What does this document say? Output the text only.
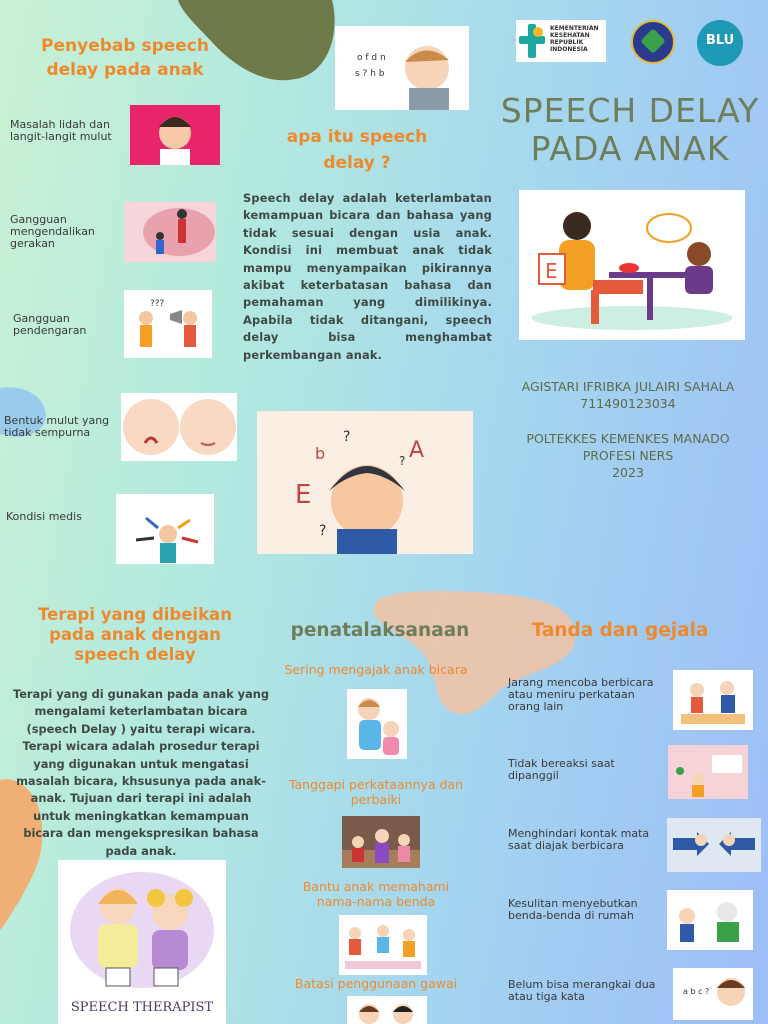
KEMENTERIAN KESEHATAN REPUBLIK INDONESIA
BLU
SPEECH DELAY
PADA ANAK
E
AGISTARI IFRIBKA JULAIRI SAHALA
711490123034
POLTEKKES KEMENKES MANADO
PROFESI NERS
2023
Penyebab speech
delay pada anak
Masalah lidah dan langit-langit mulut
Gangguan mengendalikan gerakan
Gangguan pendengaran
???
Bentuk mulut yang tidak sempurna
Kondisi medis
o f d n
s ? h b
apa itu speech
delay ?
Speech delay adalah keterlambatan kemampuan bicara dan bahasa yang tidak sesuai dengan usia anak. Kondisi ini membuat anak tidak mampu menyampaikan pikirannya akibat keterbatasan bahasa dan pemahaman yang dimilikinya. Apabila tidak ditangani, speech delay bisa menghambat perkembangan anak.
b
E
A
?
?
?
Terapi yang dibeikan
pada anak dengan
speech delay
Terapi yang di gunakan pada anak yang mengalami keterlambatan bicara (speech Delay ) yaitu terapi wicara. Terapi wicara adalah prosedur terapi yang digunakan untuk mengatasi masalah bicara, khsusunya pada anak-anak. Tujuan dari terapi ini adalah untuk meningkatkan kemampuan bicara dan mengekspresikan bahasa pada anak.
SPEECH THERAPIST
penatalaksanaan
Sering mengajak anak bicara
Tanggapi perkataannya dan perbaiki
Bantu anak memahami nama-nama benda
Batasi penggunaan gawai
Tanda dan gejala
Jarang mencoba berbicara atau meniru perkataan orang lain
Tidak bereaksi saat dipanggil
Menghindari kontak mata saat diajak berbicara
Kesulitan menyebutkan benda-benda di rumah
Belum bisa merangkai dua atau tiga kata	a b c ?
